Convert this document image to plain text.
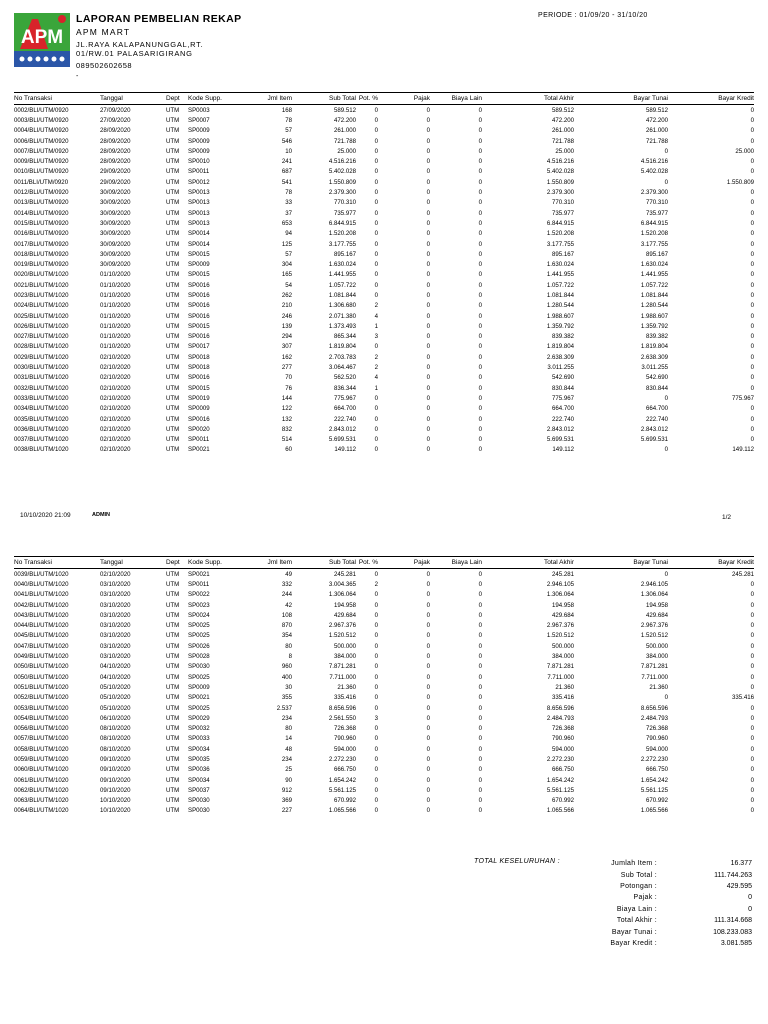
APM
LAPORAN PEMBELIAN REKAP
APM MART
JL.RAYA KALAPANUNGGAL,RT.
01/RW.01 PALASARIGIRANG
089502602658
-
PERIODE : 01/09/20 - 31/10/20
No Transaksi	Tanggal	Dept	Kode Supp.	Jml Item	Sub Total Pot. %	Pajak	Biaya Lain	Total Akhir	Bayar Tunai	Bayar Kredit
0002/BLI/UTM/0920	27/09/2020	UTM	SP0003	168	589.512	0	0	0	589.512	589.512	0
0003/BLI/UTM/0920	27/09/2020	UTM	SP0007	78	472.200	0	0	0	472.200	472.200	0
0004/BLI/UTM/0920	28/09/2020	UTM	SP0009	57	261.000	0	0	0	261.000	261.000	0
0006/BLI/UTM/0920	28/09/2020	UTM	SP0009	546	721.788	0	0	0	721.788	721.788	0
0007/BLI/UTM/0920	28/09/2020	UTM	SP0009	10	25.000	0	0	0	25.000	0	25.000
0009/BLI/UTM/0920	28/09/2020	UTM	SP0010	241	4.516.216	0	0	0	4.516.216	4.516.216	0
0010/BLI/UTM/0920	29/09/2020	UTM	SP0011	687	5.402.028	0	0	0	5.402.028	5.402.028	0
0011/BLI/UTM/0920	29/09/2020	UTM	SP0012	541	1.550.809	0	0	0	1.550.809	0	1.550.809
0012/BLI/UTM/0920	30/09/2020	UTM	SP0013	78	2.379.300	0	0	0	2.379.300	2.379.300	0
0013/BLI/UTM/0920	30/09/2020	UTM	SP0013	33	770.310	0	0	0	770.310	770.310	0
0014/BLI/UTM/0920	30/09/2020	UTM	SP0013	37	735.977	0	0	0	735.977	735.977	0
0015/BLI/UTM/0920	30/09/2020	UTM	SP0013	653	6.844.915	0	0	0	6.844.915	6.844.915	0
0016/BLI/UTM/0920	30/09/2020	UTM	SP0014	94	1.520.208	0	0	0	1.520.208	1.520.208	0
0017/BLI/UTM/0920	30/09/2020	UTM	SP0014	125	3.177.755	0	0	0	3.177.755	3.177.755	0
0018/BLI/UTM/0920	30/09/2020	UTM	SP0015	57	895.167	0	0	0	895.167	895.167	0
0019/BLI/UTM/0920	30/09/2020	UTM	SP0009	304	1.630.024	0	0	0	1.630.024	1.630.024	0
0020/BLI/UTM/1020	01/10/2020	UTM	SP0015	165	1.441.955	0	0	0	1.441.955	1.441.955	0
0021/BLI/UTM/1020	01/10/2020	UTM	SP0016	54	1.057.722	0	0	0	1.057.722	1.057.722	0
0023/BLI/UTM/1020	01/10/2020	UTM	SP0016	262	1.081.844	0	0	0	1.081.844	1.081.844	0
0024/BLI/UTM/1020	01/10/2020	UTM	SP0016	210	1.306.680	2	0	0	1.280.544	1.280.544	0
0025/BLI/UTM/1020	01/10/2020	UTM	SP0016	246	2.071.380	4	0	0	1.988.607	1.988.607	0
0026/BLI/UTM/1020	01/10/2020	UTM	SP0015	139	1.373.493	1	0	0	1.359.792	1.359.792	0
0027/BLI/UTM/1020	01/10/2020	UTM	SP0016	294	865.344	3	0	0	839.382	839.382	0
0028/BLI/UTM/1020	01/10/2020	UTM	SP0017	307	1.819.804	0	0	0	1.819.804	1.819.804	0
0029/BLI/UTM/1020	02/10/2020	UTM	SP0018	162	2.703.783	2	0	0	2.638.309	2.638.309	0
0030/BLI/UTM/1020	02/10/2020	UTM	SP0018	277	3.064.467	2	0	0	3.011.255	3.011.255	0
0031/BLI/UTM/1020	02/10/2020	UTM	SP0016	70	562.520	4	0	0	542.690	542.690	0
0032/BLI/UTM/1020	02/10/2020	UTM	SP0015	76	836.344	1	0	0	830.844	830.844	0
0033/BLI/UTM/1020	02/10/2020	UTM	SP0019	144	775.967	0	0	0	775.967	0	775.967
0034/BLI/UTM/1020	02/10/2020	UTM	SP0009	122	664.700	0	0	0	664.700	664.700	0
0035/BLI/UTM/1020	02/10/2020	UTM	SP0016	132	222.740	0	0	0	222.740	222.740	0
0036/BLI/UTM/1020	02/10/2020	UTM	SP0020	832	2.843.012	0	0	0	2.843.012	2.843.012	0
0037/BLI/UTM/1020	02/10/2020	UTM	SP0011	514	5.699.531	0	0	0	5.699.531	5.699.531	0
0038/BLI/UTM/1020	02/10/2020	UTM	SP0021	60	149.112	0	0	0	149.112	0	149.112
10/10/2020 21:09	ADMIN	1/2
No Transaksi	Tanggal	Dept	Kode Supp.	Jml Item	Sub Total Pot. %	Pajak	Biaya Lain	Total Akhir	Bayar Tunai	Bayar Kredit
0039/BLI/UTM/1020	02/10/2020	UTM	SP0021	49	245.281	0	0	0	245.281	0	245.281
0040/BLI/UTM/1020	03/10/2020	UTM	SP0011	332	3.004.365	2	0	0	2.946.105	2.946.105	0
0041/BLI/UTM/1020	03/10/2020	UTM	SP0022	244	1.306.064	0	0	0	1.306.064	1.306.064	0
0042/BLI/UTM/1020	03/10/2020	UTM	SP0023	42	194.958	0	0	0	194.958	194.958	0
0043/BLI/UTM/1020	03/10/2020	UTM	SP0024	108	429.684	0	0	0	429.684	429.684	0
0044/BLI/UTM/1020	03/10/2020	UTM	SP0025	870	2.967.376	0	0	0	2.967.376	2.967.376	0
0045/BLI/UTM/1020	03/10/2020	UTM	SP0025	354	1.520.512	0	0	0	1.520.512	1.520.512	0
0047/BLI/UTM/1020	03/10/2020	UTM	SP0026	80	500.000	0	0	0	500.000	500.000	0
0049/BLI/UTM/1020	03/10/2020	UTM	SP0028	8	384.000	0	0	0	384.000	384.000	0
0050/BLI/UTM/1020	04/10/2020	UTM	SP0030	960	7.871.281	0	0	0	7.871.281	7.871.281	0
0050/BLI/UTM/1020	04/10/2020	UTM	SP0025	400	7.711.000	0	0	0	7.711.000	7.711.000	0
0051/BLI/UTM/1020	05/10/2020	UTM	SP0009	30	21.360	0	0	0	21.360	21.360	0
0052/BLI/UTM/1020	05/10/2020	UTM	SP0021	355	335.416	0	0	0	335.416	0	335.416
0053/BLI/UTM/1020	05/10/2020	UTM	SP0025	2.537	8.656.596	0	0	0	8.656.596	8.656.596	0
0054/BLI/UTM/1020	06/10/2020	UTM	SP0029	234	2.561.550	3	0	0	2.484.793	2.484.793	0
0056/BLI/UTM/1020	08/10/2020	UTM	SP0032	80	726.368	0	0	0	726.368	726.368	0
0057/BLI/UTM/1020	08/10/2020	UTM	SP0033	14	790.960	0	0	0	790.960	790.960	0
0058/BLI/UTM/1020	08/10/2020	UTM	SP0034	48	594.000	0	0	0	594.000	594.000	0
0059/BLI/UTM/1020	09/10/2020	UTM	SP0035	234	2.272.230	0	0	0	2.272.230	2.272.230	0
0060/BLI/UTM/1020	09/10/2020	UTM	SP0036	25	666.750	0	0	0	666.750	666.750	0
0061/BLI/UTM/1020	09/10/2020	UTM	SP0034	90	1.654.242	0	0	0	1.654.242	1.654.242	0
0062/BLI/UTM/1020	09/10/2020	UTM	SP0037	912	5.561.125	0	0	0	5.561.125	5.561.125	0
0063/BLI/UTM/1020	10/10/2020	UTM	SP0030	369	670.992	0	0	0	670.992	670.992	0
0064/BLI/UTM/1020	10/10/2020	UTM	SP0030	227	1.065.566	0	0	0	1.065.566	1.065.566	0
TOTAL KESELURUHAN :	Jumlah Item :	16.377
Sub Total :	111.744.263
Potongan :	429.595
Pajak :	0
Biaya Lain :	0
Total Akhir :	111.314.668
Bayar Tunai :	108.233.083
Bayar Kredit :	3.081.585
